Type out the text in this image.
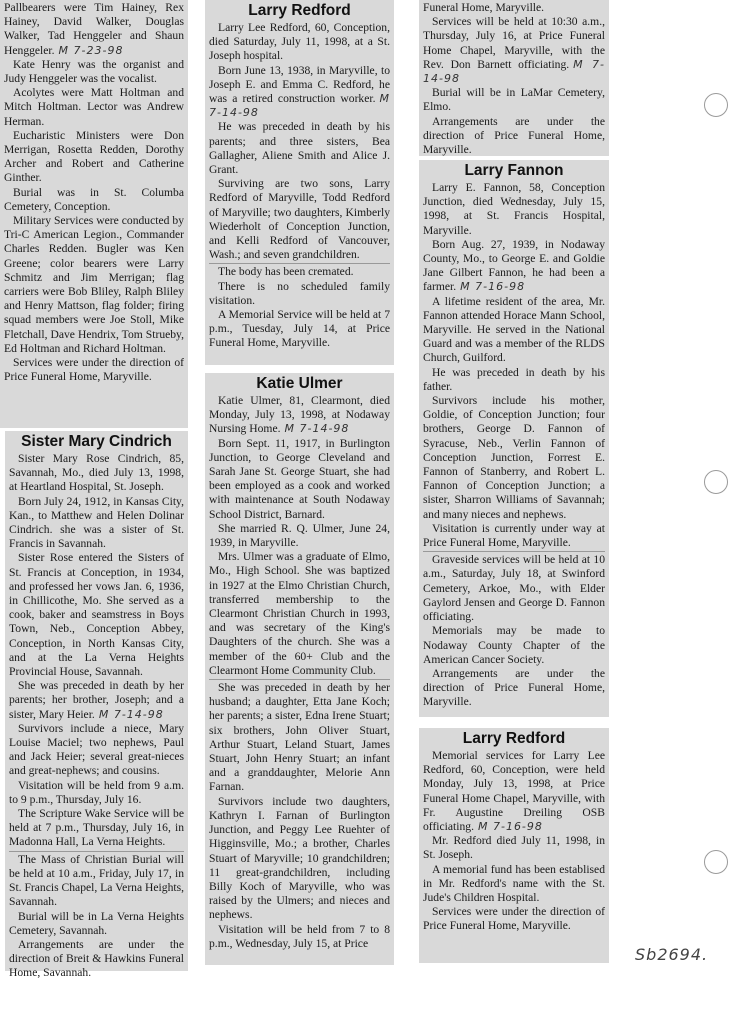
Pallbearers were Tim Hainey, Rex Hainey, David Walker, Douglas Walker, Tad Henggeler and Shaun Henggeler. M 7-23-98

Kate Henry was the organist and Judy Henggeler was the vocalist.

Acolytes were Matt Holtman and Mitch Holtman. Lector was Andrew Herman.

Eucharistic Ministers were Don Merrigan, Rosetta Redden, Dorothy Archer and Robert and Catherine Ginther.

Burial was in St. Columba Cemetery, Conception.

Military Services were conducted by Tri-C American Legion., Commander Charles Redden. Bugler was Ken Greene; color bearers were Larry Schmitz and Jim Merrigan; flag carriers were Bob Bliley, Ralph Bliley and Henry Mattson, flag folder; firing squad members were Joe Stoll, Mike Fletchall, Dave Hendrix, Tom Strueby, Ed Holtman and Richard Holtman.

Services were under the direction of Price Funeral Home, Maryville.

Sister Mary Cindrich

Sister Mary Rose Cindrich, 85, Savannah, Mo., died July 13, 1998, at Heartland Hospital, St. Joseph.

Born July 24, 1912, in Kansas City, Kan., to Matthew and Helen Dolinar Cindrich. she was a sister of St. Francis in Savannah.

Sister Rose entered the Sisters of St. Francis at Conception, in 1934, and professed her vows Jan. 6, 1936, in Chillicothe, Mo. She served as a cook, baker and seamstress in Boys Town, Neb., Conception Abbey, Conception, in North Kansas City, and at the La Verna Heights Provincial House, Savannah.

She was preceded in death by her parents; her brother, Joseph; and a sister, Mary Heier. M 7-14-98

Survivors include a niece, Mary Louise Maciel; two nephews, Paul and Jack Heier; several great-nieces and great-nephews; and cousins.

Visitation will be held from 9 a.m. to 9 p.m., Thursday, July 16.

The Scripture Wake Service will be held at 7 p.m., Thursday, July 16, in Madonna Hall, La Verna Heights.

The Mass of Christian Burial will be held at 10 a.m., Friday, July 17, in St. Francis Chapel, La Verna Heights, Savannah.

Burial will be in La Verna Heights Cemetery, Savannah.

Arrangements are under the direction of Breit & Hawkins Funeral Home, Savannah.

Larry Redford

Larry Lee Redford, 60, Conception, died Saturday, July 11, 1998, at a St. Joseph hospital.

Born June 13, 1938, in Maryville, to Joseph E. and Emma C. Redford, he was a retired construction worker. M 7-14-98

He was preceded in death by his parents; and three sisters, Bea Gallagher, Aliene Smith and Alice J. Grant.

Surviving are two sons, Larry Redford of Maryville, Todd Redford of Maryville; two daughters, Kimberly Wiederholt of Conception Junction, and Kelli Redford of Vancouver, Wash.; and seven grandchildren.

The body has been cremated.

There is no scheduled family visitation.

A Memorial Service will be held at 7 p.m., Tuesday, July 14, at Price Funeral Home, Maryville.

Katie Ulmer

Katie Ulmer, 81, Clearmont, died Monday, July 13, 1998, at Nodaway Nursing Home. M 7-14-98

Born Sept. 11, 1917, in Burlington Junction, to George Cleveland and Sarah Jane St. George Stuart, she had been employed as a cook and worked with maintenance at South Nodaway School District, Barnard.

She married R. Q. Ulmer, June 24, 1939, in Maryville.

Mrs. Ulmer was a graduate of Elmo, Mo., High School. She was baptized in 1927 at the Elmo Christian Church, transferred membership to the Clearmont Christian Church in 1993, and was secretary of the King's Daughters of the church. She was a member of the 60+ Club and the Clearmont Home Community Club.

She was preceded in death by her husband; a daughter, Etta Jane Koch; her parents; a sister, Edna Irene Stuart; six brothers, John Oliver Stuart, Arthur Stuart, Leland Stuart, James Stuart, John Henry Stuart; an infant and a granddaughter, Melorie Ann Farnan.

Survivors include two daughters, Kathryn I. Farnan of Burlington Junction, and Peggy Lee Ruehter of Higginsville, Mo.; a brother, Charles Stuart of Maryville; 10 grandchildren; 11 great-grandchildren, including Billy Koch of Maryville, who was raised by the Ulmers; and nieces and nephews.

Visitation will be held from 7 to 8 p.m., Wednesday, July 15, at Price

Funeral Home, Maryville.

Services will be held at 10:30 a.m., Thursday, July 16, at Price Funeral Home Chapel, Maryville, with the Rev. Don Barnett officiating. M 7-14-98

Burial will be in LaMar Cemetery, Elmo.

Arrangements are under the direction of Price Funeral Home, Maryville.

Larry Fannon

Larry E. Fannon, 58, Conception Junction, died Wednesday, July 15, 1998, at St. Francis Hospital, Maryville.

Born Aug. 27, 1939, in Nodaway County, Mo., to George E. and Goldie Jane Gilbert Fannon, he had been a farmer. M 7-16-98

A lifetime resident of the area, Mr. Fannon attended Horace Mann School, Maryville. He served in the National Guard and was a member of the RLDS Church, Guilford.

He was preceded in death by his father.

Survivors include his mother, Goldie, of Conception Junction; four brothers, George D. Fannon of Syracuse, Neb., Verlin Fannon of Conception Junction, Forrest E. Fannon of Stanberry, and Robert L. Fannon of Conception Junction; a sister, Sharron Williams of Savannah; and many nieces and nephews.

Visitation is currently under way at Price Funeral Home, Maryville.

Graveside services will be held at 10 a.m., Saturday, July 18, at Swinford Cemetery, Arkoe, Mo., with Elder Gaylord Jensen and George D. Fannon officiating.

Memorials may be made to Nodaway County Chapter of the American Cancer Society.

Arrangements are under the direction of Price Funeral Home, Maryville.

Larry Redford

Memorial services for Larry Lee Redford, 60, Conception, were held Monday, July 13, 1998, at Price Funeral Home Chapel, Maryville, with Fr. Augustine Dreiling OSB officiating. M 7-16-98

Mr. Redford died July 11, 1998, in St. Joseph.

A memorial fund has been establised in Mr. Redford's name with the St. Jude's Children Hospital.

Services were under the direction of Price Funeral Home, Maryville.

Sb2694.
